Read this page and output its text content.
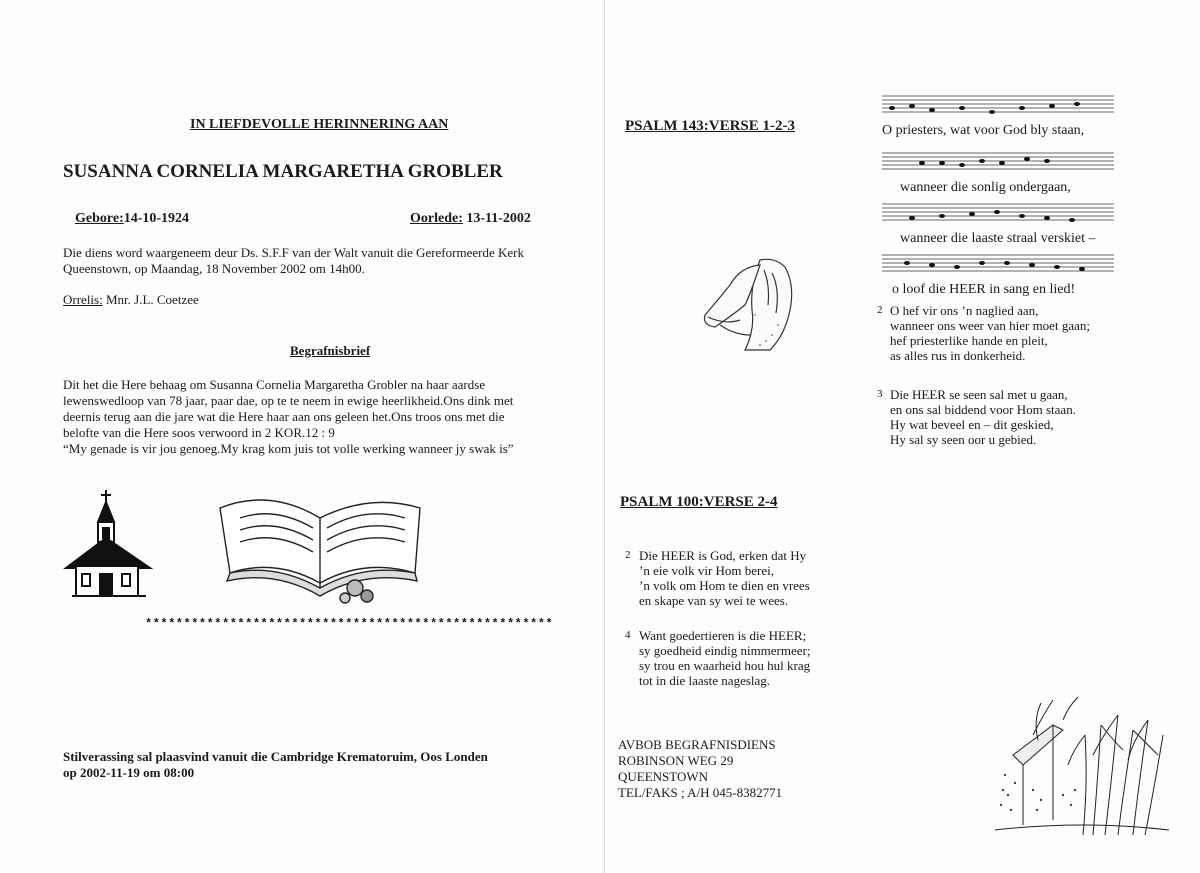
IN LIEFDEVOLLE HERINNERING AAN
SUSANNA CORNELIA MARGARETHA GROBLER
Gebore:14-10-1924	Oorlede: 13-11-2002
Die diens word waargeneem deur Ds. S.F.F van der Walt vanuit die Gereformeerde Kerk
Queenstown, op Maandag, 18 November 2002 om 14h00.
Orrelis: Mnr. J.L. Coetzee
Begrafnisbrief
Dit het die Here behaag om Susanna Cornelia Margaretha Grobler na haar aardse
lewenswedloop van 78 jaar, paar dae, op te te neem in ewige heerlikheid.Ons dink met
deernis terug aan die jare wat die Here haar aan ons geleen het.Ons troos ons met die
belofte van die Here soos verwoord in 2 KOR.12 : 9
“My genade is vir jou genoeg.My krag kom juis tot volle werking wanneer jy swak is”
*****************************************************
Stilverassing sal plaasvind vanuit die Cambridge Krematoruim, Oos Londen
op 2002-11-19 om 08:00
PSALM 143:VERSE 1-2-3	O priesters, wat voor God bly staan,
wanneer die sonlig ondergaan,
wanneer die laaste straal verskiet –
o loof die HEER in sang en lied!
2 O hef vir ons ’n naglied aan,
wanneer ons weer van hier moet gaan;
hef priesterlike hande en pleit,
as alles rus in donkerheid.
3 Die HEER se seen sal met u gaan,
en ons sal biddend voor Hom staan.
Hy wat beveel en – dit geskied,
Hy sal sy seen oor u gebied.
PSALM 100:VERSE 2-4
2 Die HEER is God, erken dat Hy
’n eie volk vir Hom berei,
’n volk om Hom te dien en vrees
en skape van sy wei te wees.
4 Want goedertieren is die HEER;
sy goedheid eindig nimmermeer;
sy trou en waarheid hou hul krag
tot in die laaste nageslag.
AVBOB BEGRAFNISDIENS
ROBINSON WEG 29
QUEENSTOWN
TEL/FAKS ; A/H 045-8382771
